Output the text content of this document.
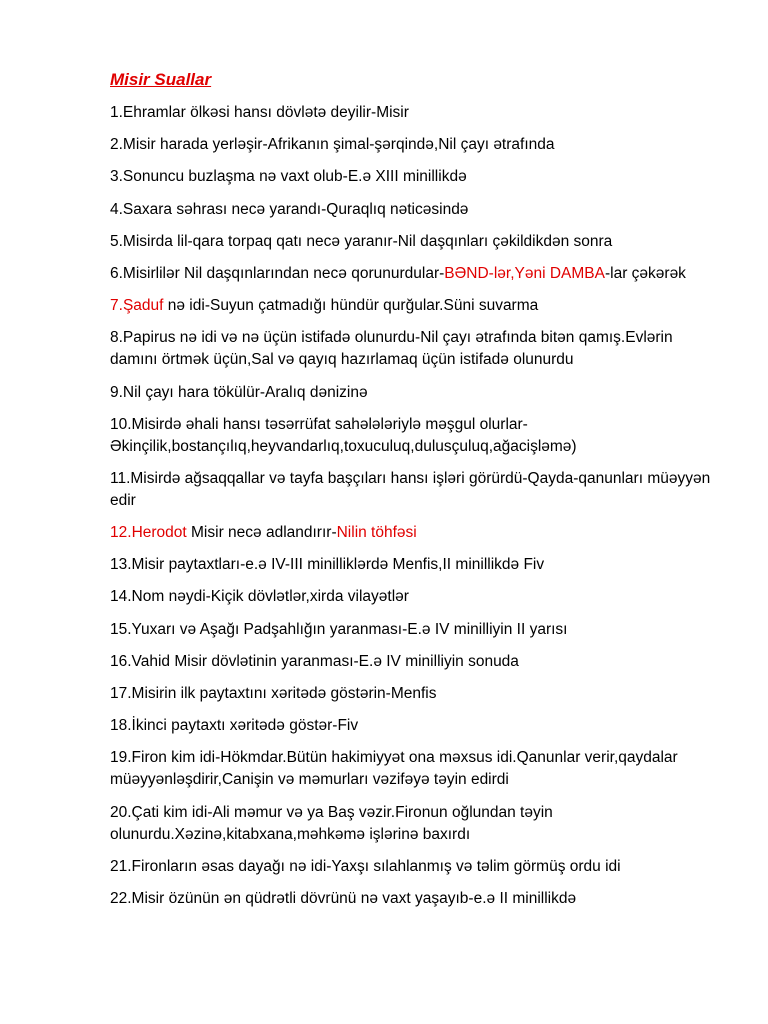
Misir Suallar
1.Ehramlar ölkəsi hansı dövlətə deyilir-Misir
2.Misir harada yerləşir-Afrikanın şimal-şərqində,Nil çayı ətrafında
3.Sonuncu buzlaşma nə vaxt olub-E.ə XIII minillikdə
4.Saxara səhrası necə yarandı-Quraqlıq nəticəsində
5.Misirda lil-qara torpaq qatı necə yaranır-Nil daşqınları çəkildikdən sonra
6.Misirlilər Nil daşqınlarından necə qorunurdular-BƏND-lər,Yəni DAMBA-lar çəkərək
7.Şaduf nə idi-Suyun çatmadığı hündür qurğular.Süni suvarma
8.Papirus nə idi və nə üçün istifadə olunurdu-Nil çayı ətrafında bitən qamış.Evlərin damını örtmək üçün,Sal və qayıq hazırlamaq üçün istifadə olunurdu
9.Nil çayı hara tökülür-Aralıq dənizinə
10.Misirdə əhali hansı təsərrüfat sahələləriylə məşgul olurlar-Əkinçilik,bostançılıq,heyvandarlıq,toxuculuq,dulusçuluq,ağacişləmə)
11.Misirdə ağsaqqallar və tayfa başçıları hansı işləri görürdü-Qayda-qanunları müəyyən edir
12.Herodot Misir necə adlandırır-Nilin töhfəsi
13.Misir paytaxtları-e.ə IV-III minilliklərdə Menfis,II minillikdə Fiv
14.Nom nəydi-Kiçik dövlətlər,xirda vilayətlər
15.Yuxarı və Aşağı Padşahlığın yaranması-E.ə IV minilliyin II yarısı
16.Vahid Misir dövlətinin yaranması-E.ə IV minilliyin sonuda
17.Misirin ilk paytaxtını xəritədə göstərin-Menfis
18.İkinci paytaxtı xəritədə göstər-Fiv
19.Firon kim idi-Hökmdar.Bütün hakimiyyət ona məxsus idi.Qanunlar verir,qaydalar müəyyənləşdirir,Canişin və məmurları vəzifəyə təyin edirdi
20.Çati kim idi-Ali məmur və ya Baş vəzir.Fironun oğlundan təyin olunurdu.Xəzinə,kitabxana,məhkəmə işlərinə baxırdı
21.Fironların əsas dayağı nə idi-Yaxşı sılahlanmış və təlim görmüş ordu idi
22.Misir özünün ən qüdrətli dövrünü nə vaxt yaşayıb-e.ə II minillikdə
